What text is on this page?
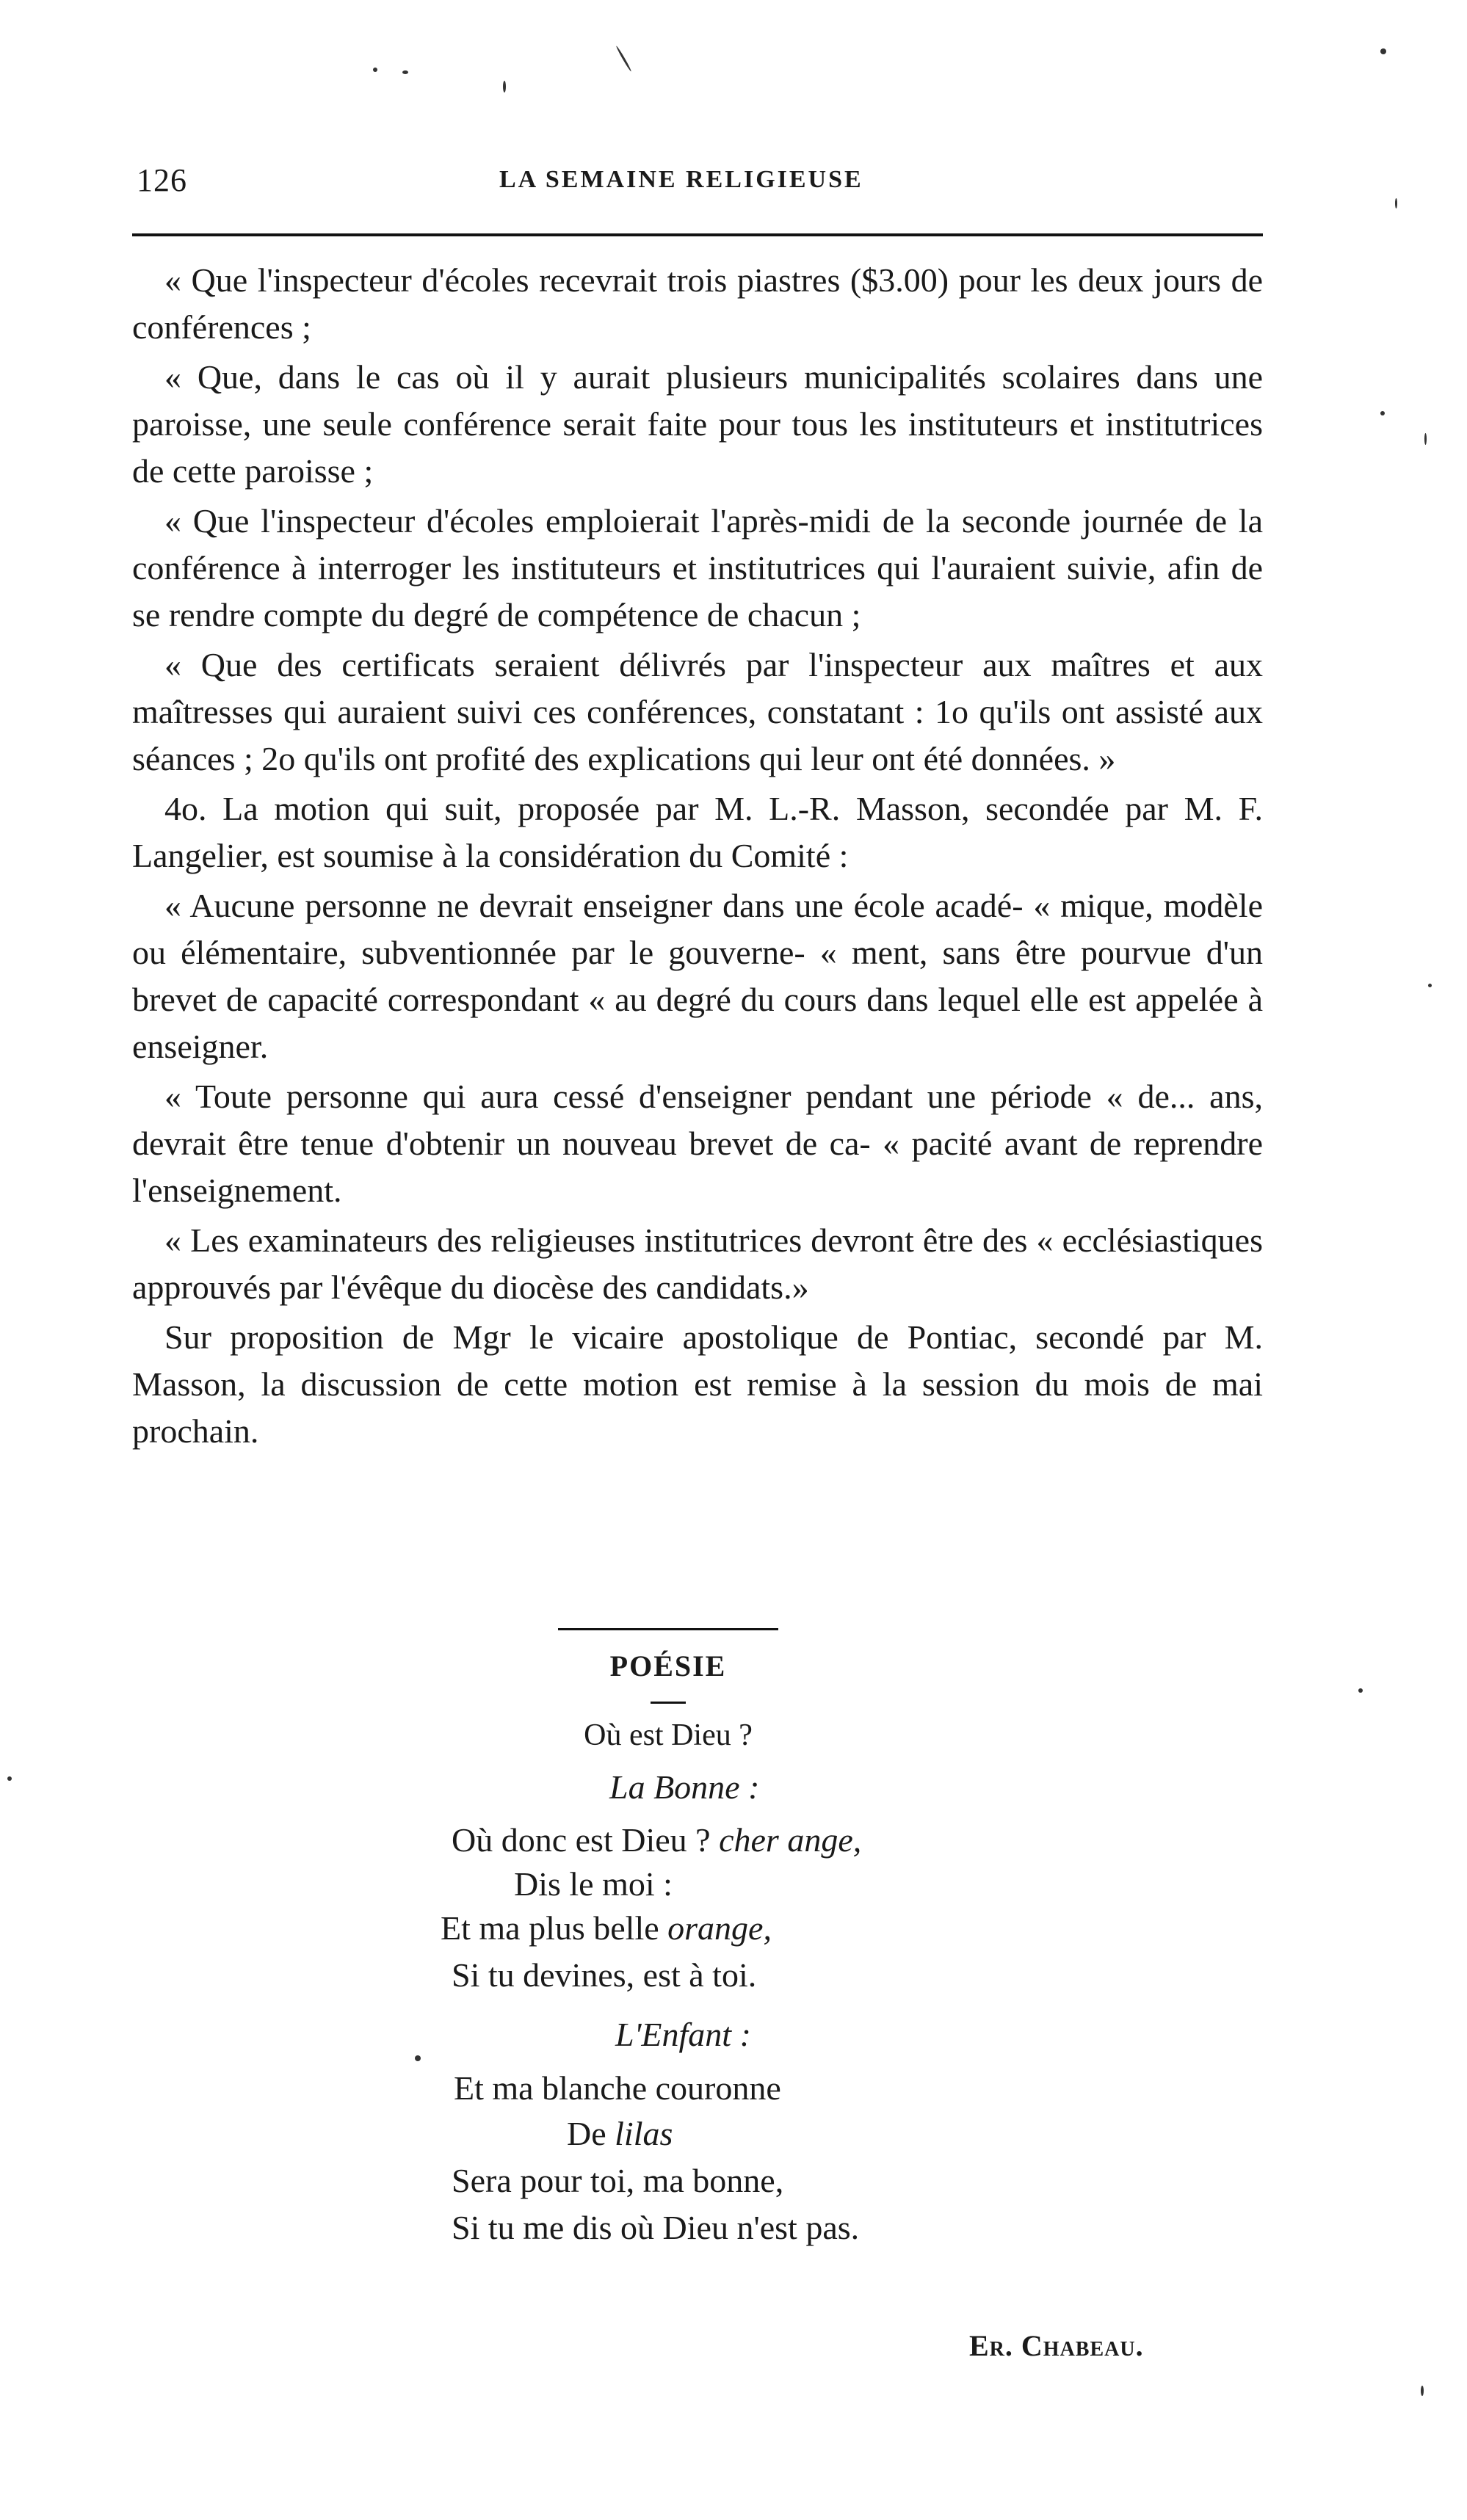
126	LA SEMAINE RELIGIEUSE

« Que l'inspecteur d'écoles recevrait trois piastres ($3.00) pour les deux jours de conférences ;

« Que, dans le cas où il y aurait plusieurs municipalités scolaires dans une paroisse, une seule conférence serait faite pour tous les instituteurs et institutrices de cette paroisse ;

« Que l'inspecteur d'écoles emploierait l'après-midi de la seconde journée de la conférence à interroger les instituteurs et institutrices qui l'auraient suivie, afin de se rendre compte du degré de compétence de chacun ;

« Que des certificats seraient délivrés par l'inspecteur aux maîtres et aux maîtresses qui auraient suivi ces conférences, constatant : 1o qu'ils ont assisté aux séances ; 2o qu'ils ont profité des explications qui leur ont été données. »

4o. La motion qui suit, proposée par M. L.-R. Masson, secondée par M. F. Langelier, est soumise à la considération du Comité :

« Aucune personne ne devrait enseigner dans une école acadé- « mique, modèle ou élémentaire, subventionnée par le gouverne- « ment, sans être pourvue d'un brevet de capacité correspondant « au degré du cours dans lequel elle est appelée à enseigner.

« Toute personne qui aura cessé d'enseigner pendant une période « de... ans, devrait être tenue d'obtenir un nouveau brevet de ca- « pacité avant de reprendre l'enseignement.

« Les examinateurs des religieuses institutrices devront être des « ecclésiastiques approuvés par l'évêque du diocèse des candidats.»

Sur proposition de Mgr le vicaire apostolique de Pontiac, secondé par M. Masson, la discussion de cette motion est remise à la session du mois de mai prochain.

POÉSIE
Où est Dieu ?
La Bonne :
Où donc est Dieu ? cher ange,
Dis le moi :
Et ma plus belle orange,
Si tu devines, est à toi.
L'Enfant :
Et ma blanche couronne
De lilas
Sera pour toi, ma bonne,
Si tu me dis où Dieu n'est pas.
Er. Chabeau.
